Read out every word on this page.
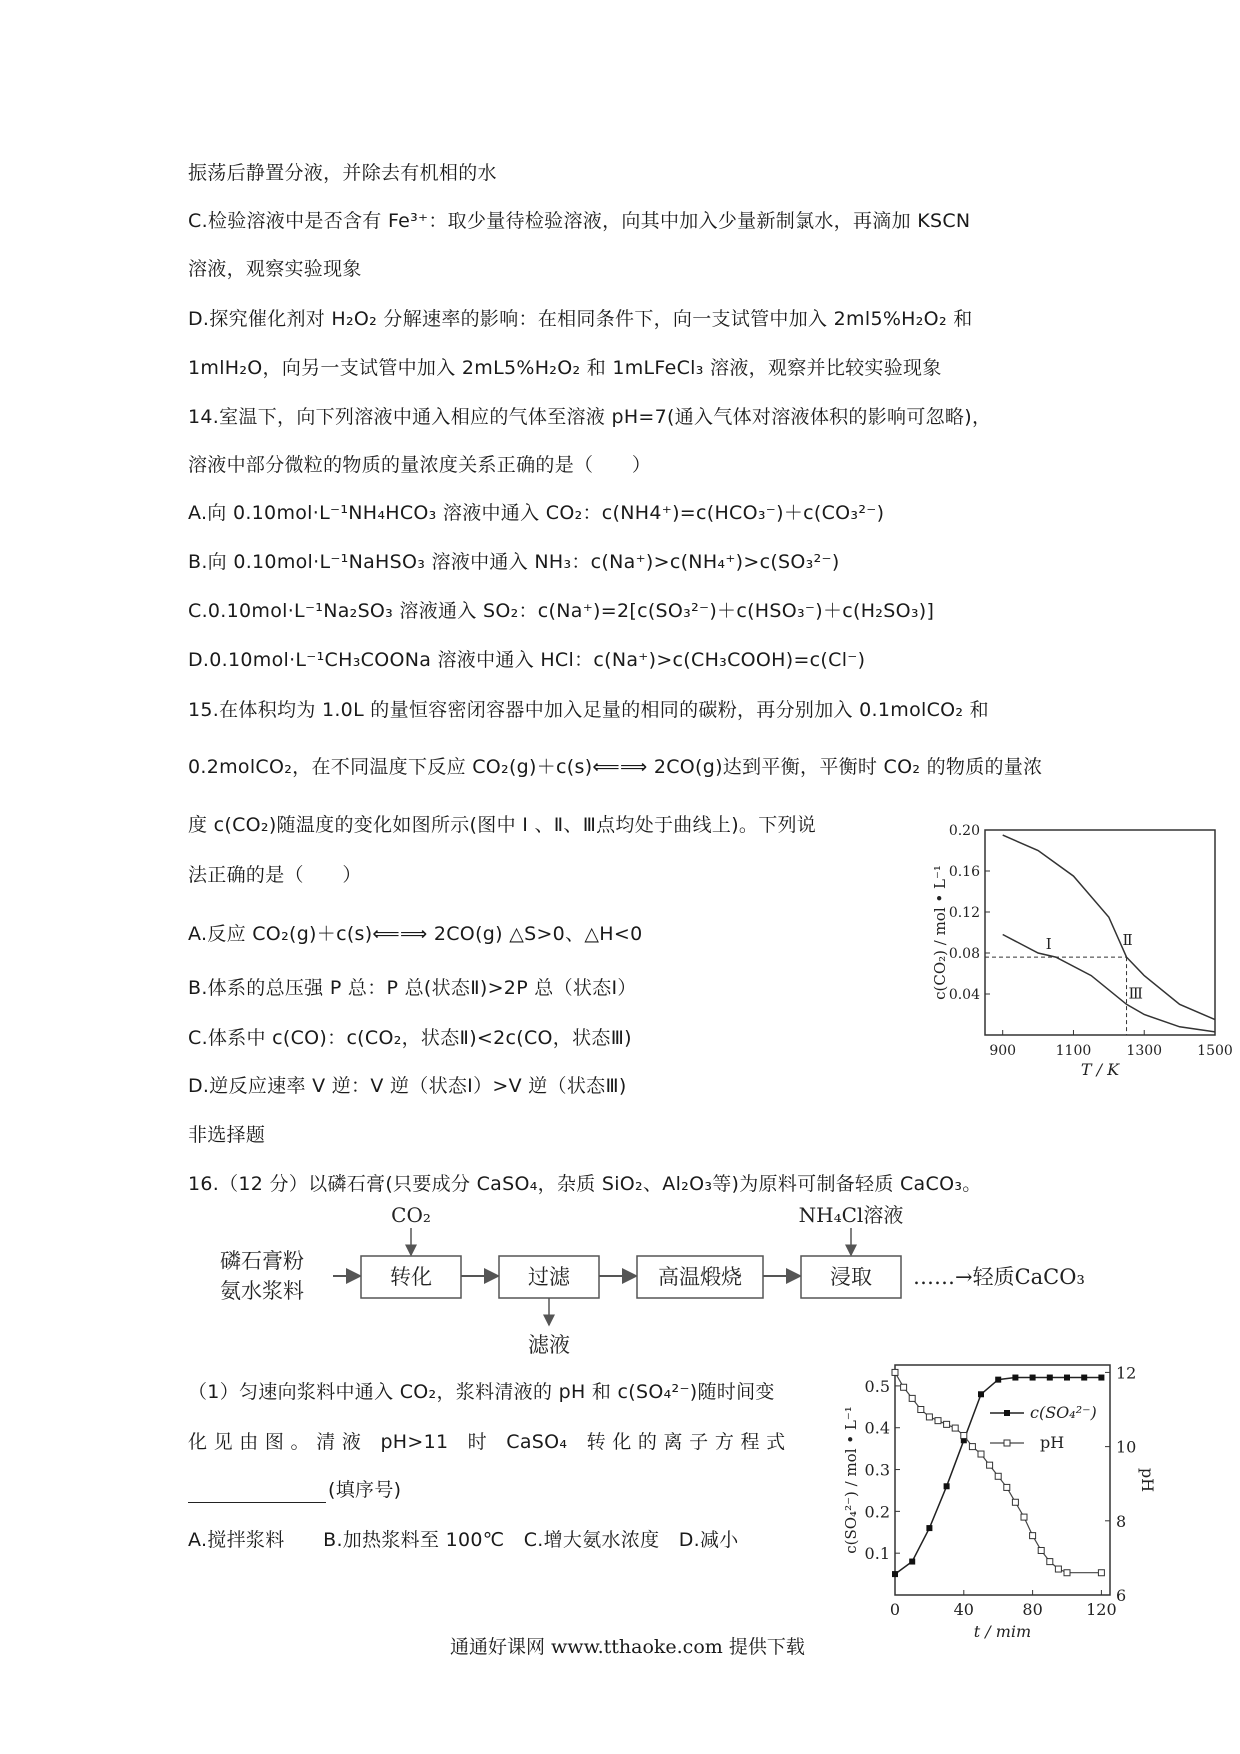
振荡后静置分液，并除去有机相的水
C.检验溶液中是否含有 Fe³⁺：取少量待检验溶液，向其中加入少量新制氯水，再滴加 KSCN
溶液，观察实验现象
D.探究催化剂对 H₂O₂ 分解速率的影响：在相同条件下，向一支试管中加入 2ml5%H₂O₂ 和
1mlH₂O，向另一支试管中加入 2mL5%H₂O₂ 和 1mLFeCl₃ 溶液，观察并比较实验现象
14.室温下，向下列溶液中通入相应的气体至溶液 pH=7(通入气体对溶液体积的影响可忽略)，
溶液中部分微粒的物质的量浓度关系正确的是（　　）
A.向 0.10mol·L⁻¹NH₄HCO₃ 溶液中通入 CO₂：c(NH4⁺)=c(HCO₃⁻)＋c(CO₃²⁻)
B.向 0.10mol·L⁻¹NaHSO₃ 溶液中通入 NH₃：c(Na⁺)>c(NH₄⁺)>c(SO₃²⁻)
C.0.10mol·L⁻¹Na₂SO₃ 溶液通入 SO₂：c(Na⁺)=2[c(SO₃²⁻)＋c(HSO₃⁻)＋c(H₂SO₃)]
D.0.10mol·L⁻¹CH₃COONa 溶液中通入 HCl：c(Na⁺)>c(CH₃COOH)=c(Cl⁻)
15.在体积均为 1.0L 的量恒容密闭容器中加入足量的相同的碳粉，再分别加入 0.1molCO₂ 和
0.2molCO₂，在不同温度下反应 CO₂(g)＋c(s)⟸⟹ 2CO(g)达到平衡，平衡时 CO₂ 的物质的量浓
度 c(CO₂)随温度的变化如图所示(图中 Ⅰ 、Ⅱ、Ⅲ点均处于曲线上)。下列说
法正确的是（　　）
A.反应 CO₂(g)＋c(s)⟸⟹ 2CO(g) △S>0、△H<0
B.体系的总压强 P 总：P 总(状态Ⅱ)>2P 总（状态Ⅰ）
C.体系中 c(CO)：c(CO₂，状态Ⅱ)<2c(CO，状态Ⅲ)
D.逆反应速率 V 逆：V 逆（状态Ⅰ）>V 逆（状态Ⅲ)
非选择题
16.（12 分）以磷石膏(只要成分 CaSO₄，杂质 SiO₂、Al₂O₃等)为原料可制备轻质 CaCO₃。
（1）匀速向浆料中通入 CO₂，浆料清液的 pH 和 c(SO₄²⁻)随时间变
化 见 由 图 。 清 液　pH>11　时　CaSO₄　转 化 的 离 子 方 程 式
(填序号)
A.搅拌浆料　　B.加热浆料至 100℃　C.增大氨水浓度　D.减小
磷石膏粉
氨水浆料
转化
CO₂
过滤
滤液
高温煅烧	浸取
NH₄Cl溶液
……→轻质CaCO₃
0.04
0.08
0.12
0.16
0.20
900	1100	1300	1500
T / K
c(CO₂) / mol • L⁻¹	Ⅰ	Ⅱ
Ⅲ
0.1
0.2
0.3
0.4
0.5
6
8
10
12
0	40	80	120
t / mim
c(SO₄²⁻) / mol • L⁻¹	pH
c(SO₄²⁻)
pH
通通好课网 www.tthaoke.com 提供下载
